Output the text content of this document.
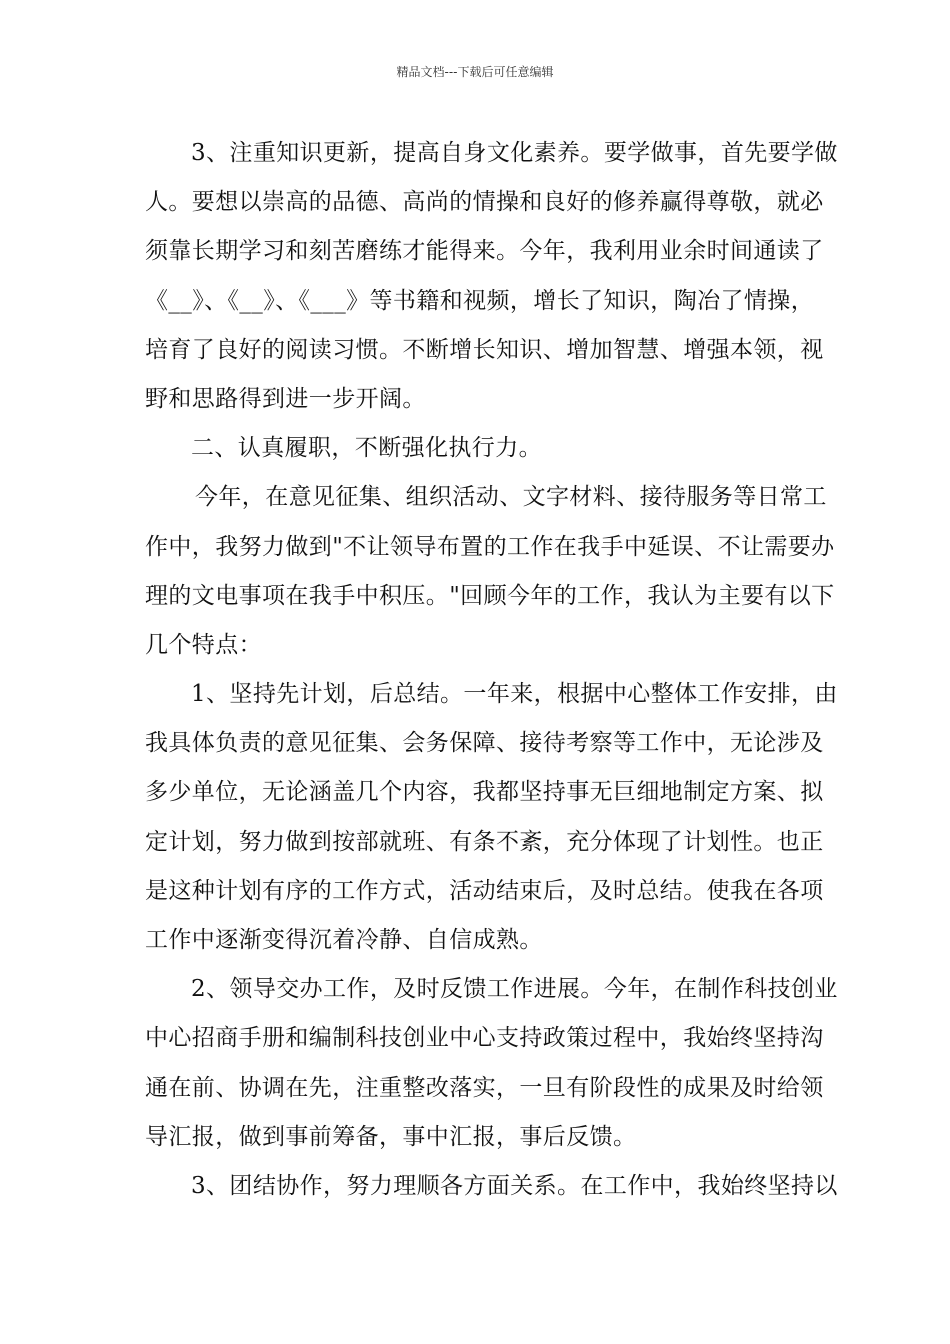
精品文档---下载后可任意编辑
3、注重知识更新，提高自身文化素养。要学做事，首先要学做
人。要想以崇高的品德、高尚的情操和良好的修养赢得尊敬，就必
须靠长期学习和刻苦磨练才能得来。今年，我利用业余时间通读了
《__》、《__》、《___》等书籍和视频，增长了知识，陶冶了情操，
培育了良好的阅读习惯。不断增长知识、增加智慧、增强本领，视
野和思路得到进一步开阔。
二、认真履职，不断强化执行力。
今年，在意见征集、组织活动、文字材料、接待服务等日常工
作中，我努力做到"不让领导布置的工作在我手中延误、不让需要办
理的文电事项在我手中积压。"回顾今年的工作，我认为主要有以下
几个特点：
1、坚持先计划，后总结。一年来，根据中心整体工作安排，由
我具体负责的意见征集、会务保障、接待考察等工作中，无论涉及
多少单位，无论涵盖几个内容，我都坚持事无巨细地制定方案、拟
定计划，努力做到按部就班、有条不紊，充分体现了计划性。也正
是这种计划有序的工作方式，活动结束后，及时总结。使我在各项
工作中逐渐变得沉着冷静、自信成熟。
2、领导交办工作，及时反馈工作进展。今年，在制作科技创业
中心招商手册和编制科技创业中心支持政策过程中，我始终坚持沟
通在前、协调在先，注重整改落实，一旦有阶段性的成果及时给领
导汇报，做到事前筹备，事中汇报，事后反馈。
3、团结协作，努力理顺各方面关系。在工作中，我始终坚持以
